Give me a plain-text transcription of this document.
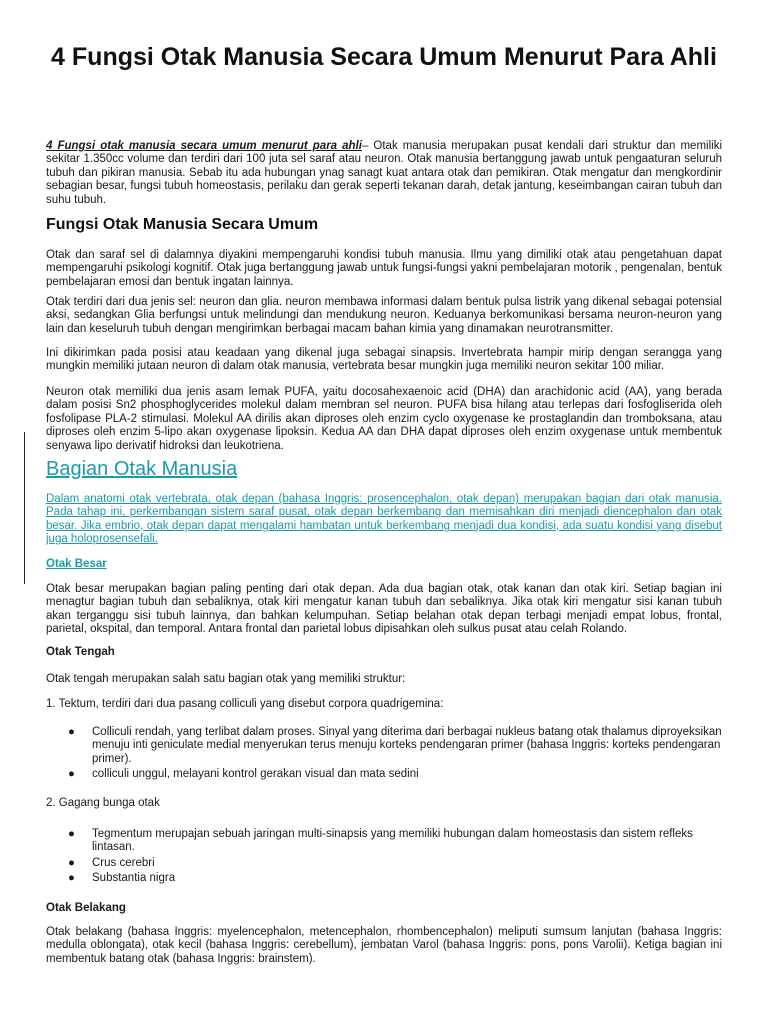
4 Fungsi Otak Manusia Secara Umum Menurut Para Ahli
4 Fungsi otak manusia secara umum menurut para ahli– Otak manusia merupakan pusat kendali dari struktur dan memiliki sekitar 1.350cc volume dan terdiri dari 100 juta sel saraf atau neuron. Otak manusia bertanggung jawab untuk pengaaturan seluruh tubuh dan pikiran manusia. Sebab itu ada hubungan ynag sanagt kuat antara otak dan pemikiran. Otak mengatur dan mengkordinir sebagian besar, fungsi tubuh homeostasis, perilaku dan gerak seperti tekanan darah, detak jantung, keseimbangan cairan tubuh dan suhu tubuh.
Fungsi Otak Manusia Secara Umum
Otak dan saraf sel di dalamnya diyakini mempengaruhi kondisi tubuh manusia. Ilmu yang dimiliki otak atau pengetahuan dapat mempengaruhi psikologi kognitif. Otak juga bertanggung jawab untuk fungsi-fungsi yakni pembelajaran motorik , pengenalan, bentuk pembelajaran emosi dan bentuk ingatan lainnya.
Otak terdiri dari dua jenis sel: neuron dan glia. neuron membawa informasi dalam bentuk pulsa listrik yang dikenal sebagai potensial aksi, sedangkan Glia berfungsi untuk melindungi dan mendukung neuron. Keduanya berkomunikasi bersama neuron-neuron yang lain dan keseluruh tubuh dengan mengirimkan berbagai macam bahan kimia yang dinamakan neurotransmitter.
Ini dikirimkan pada posisi atau keadaan yang dikenal juga sebagai sinapsis. Invertebrata hampir mirip dengan serangga yang mungkin memiliki jutaan neuron di dalam otak manusia, vertebrata besar mungkin juga memiliki neuron sekitar 100 miliar.
Neuron otak memiliki dua jenis asam lemak PUFA, yaitu docosahexaenoic acid (DHA) dan arachidonic acid (AA), yang berada dalam posisi Sn2 phosphoglycerides molekul dalam membran sel neuron. PUFA bisa hilang atau terlepas dari fosfogliserida oleh fosfolipase PLA-2 stimulasi. Molekul AA dirilis akan diproses oleh enzim cyclo oxygenase ke prostaglandin dan tromboksana, atau diproses oleh enzim 5-lipo akan oxygenase lipoksin. Kedua AA dan DHA dapat diproses oleh enzim oxygenase untuk membentuk senyawa lipo derivatif hidroksi dan leukotriena.
Bagian Otak Manusia
Dalam anatomi otak vertebrata, otak depan (bahasa Inggris: prosencephalon, otak depan) merupakan bagian dari otak manusia. Pada tahap ini, perkembangan sistem saraf pusat, otak depan berkembang dan memisahkan diri menjadi diencephalon dan otak besar. Jika embrio, otak depan dapat mengalami hambatan untuk berkembang menjadi dua kondisi, ada suatu kondisi yang disebut juga holoprosensefali.
Otak Besar
Otak besar merupakan bagian paling penting dari otak depan. Ada dua bagian otak, otak kanan dan otak kiri. Setiap bagian ini menagtur bagian tubuh dan sebaliknya, otak kiri mengatur kanan tubuh dan sebaliknya. Jika otak kiri mengatur sisi kanan tubuh akan terganggu sisi tubuh lainnya, dan bahkan kelumpuhan. Setiap belahan otak depan terbagi menjadi empat lobus, frontal, parietal, okspital, dan temporal. Antara frontal dan parietal lobus dipisahkan oleh sulkus pusat atau celah Rolando.
Otak Tengah
Otak tengah merupakan salah satu bagian otak yang memiliki struktur:
1. Tektum, terdiri dari dua pasang colliculi yang disebut corpora quadrigemina:
● Colliculi rendah, yang terlibat dalam proses. Sinyal yang diterima dari berbagai nukleus batang otak thalamus diproyeksikan menuju inti geniculate medial menyerukan terus menuju korteks pendengaran primer (bahasa Inggris: korteks pendengaran primer).
● colliculi unggul, melayani kontrol gerakan visual dan mata sedini
2. Gagang bunga otak
● Tegmentum merupajan sebuah jaringan multi-sinapsis yang memiliki hubungan dalam homeostasis dan sistem refleks lintasan.
● Crus cerebri
● Substantia nigra
Otak Belakang
Otak belakang (bahasa Inggris: myelencephalon, metencephalon, rhombencephalon) meliputi sumsum lanjutan (bahasa Inggris: medulla oblongata), otak kecil (bahasa Inggris: cerebellum), jembatan Varol (bahasa Inggris: pons, pons Varolii). Ketiga bagian ini membentuk batang otak (bahasa Inggris: brainstem).
